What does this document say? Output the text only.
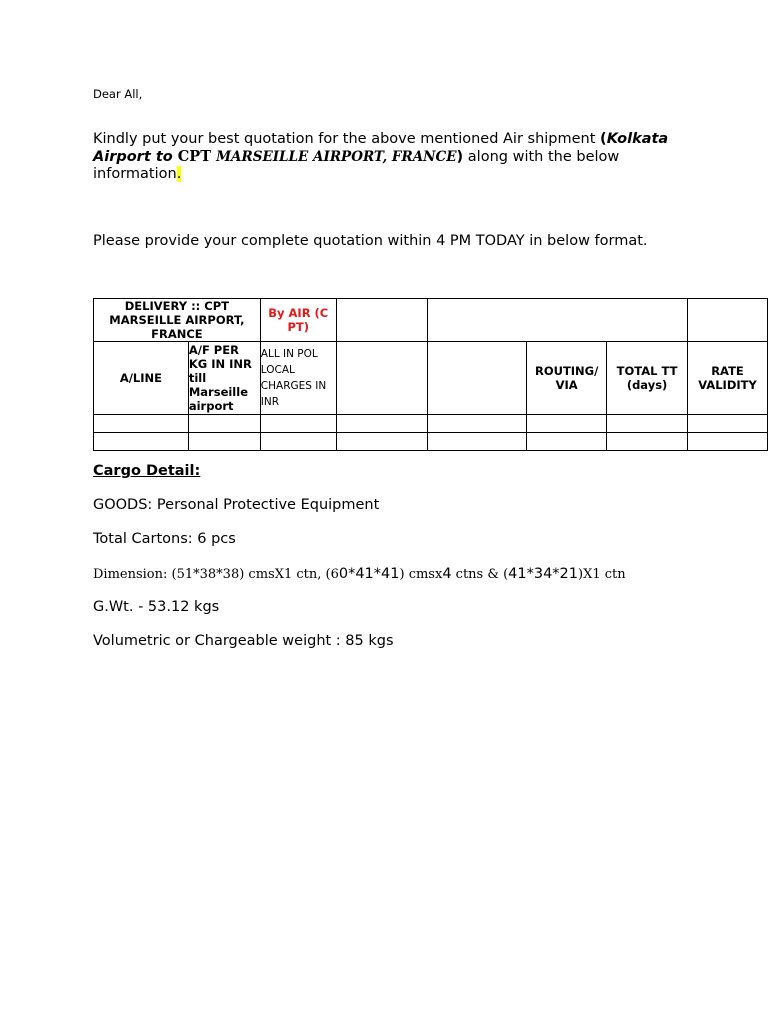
Dear All,
Kindly put your best quotation for the above mentioned Air shipment (Kolkata Airport to CPT MARSEILLE AIRPORT, FRANCE) along with the below information.
Please provide your complete quotation within 4 PM TODAY in below format.
DELIVERY :: CPT MARSEILLE AIRPORT, FRANCE		By AIR (C PT)					
A/LINE	A/F PER KG IN INR till Marseille airport	ALL IN POL LOCAL CHARGES IN INR			ROUTING/ VIA	TOTAL TT (days)	RATE VALIDITY

Cargo Detail:
GOODS: Personal Protective Equipment
Total Cartons: 6 pcs
Dimension: (51*38*38) cmsX1 ctn, (60*41*41) cmsx4 ctns & (41*34*21)X1 ctn
G.Wt. - 53.12 kgs
Volumetric or Chargeable weight : 85 kgs
